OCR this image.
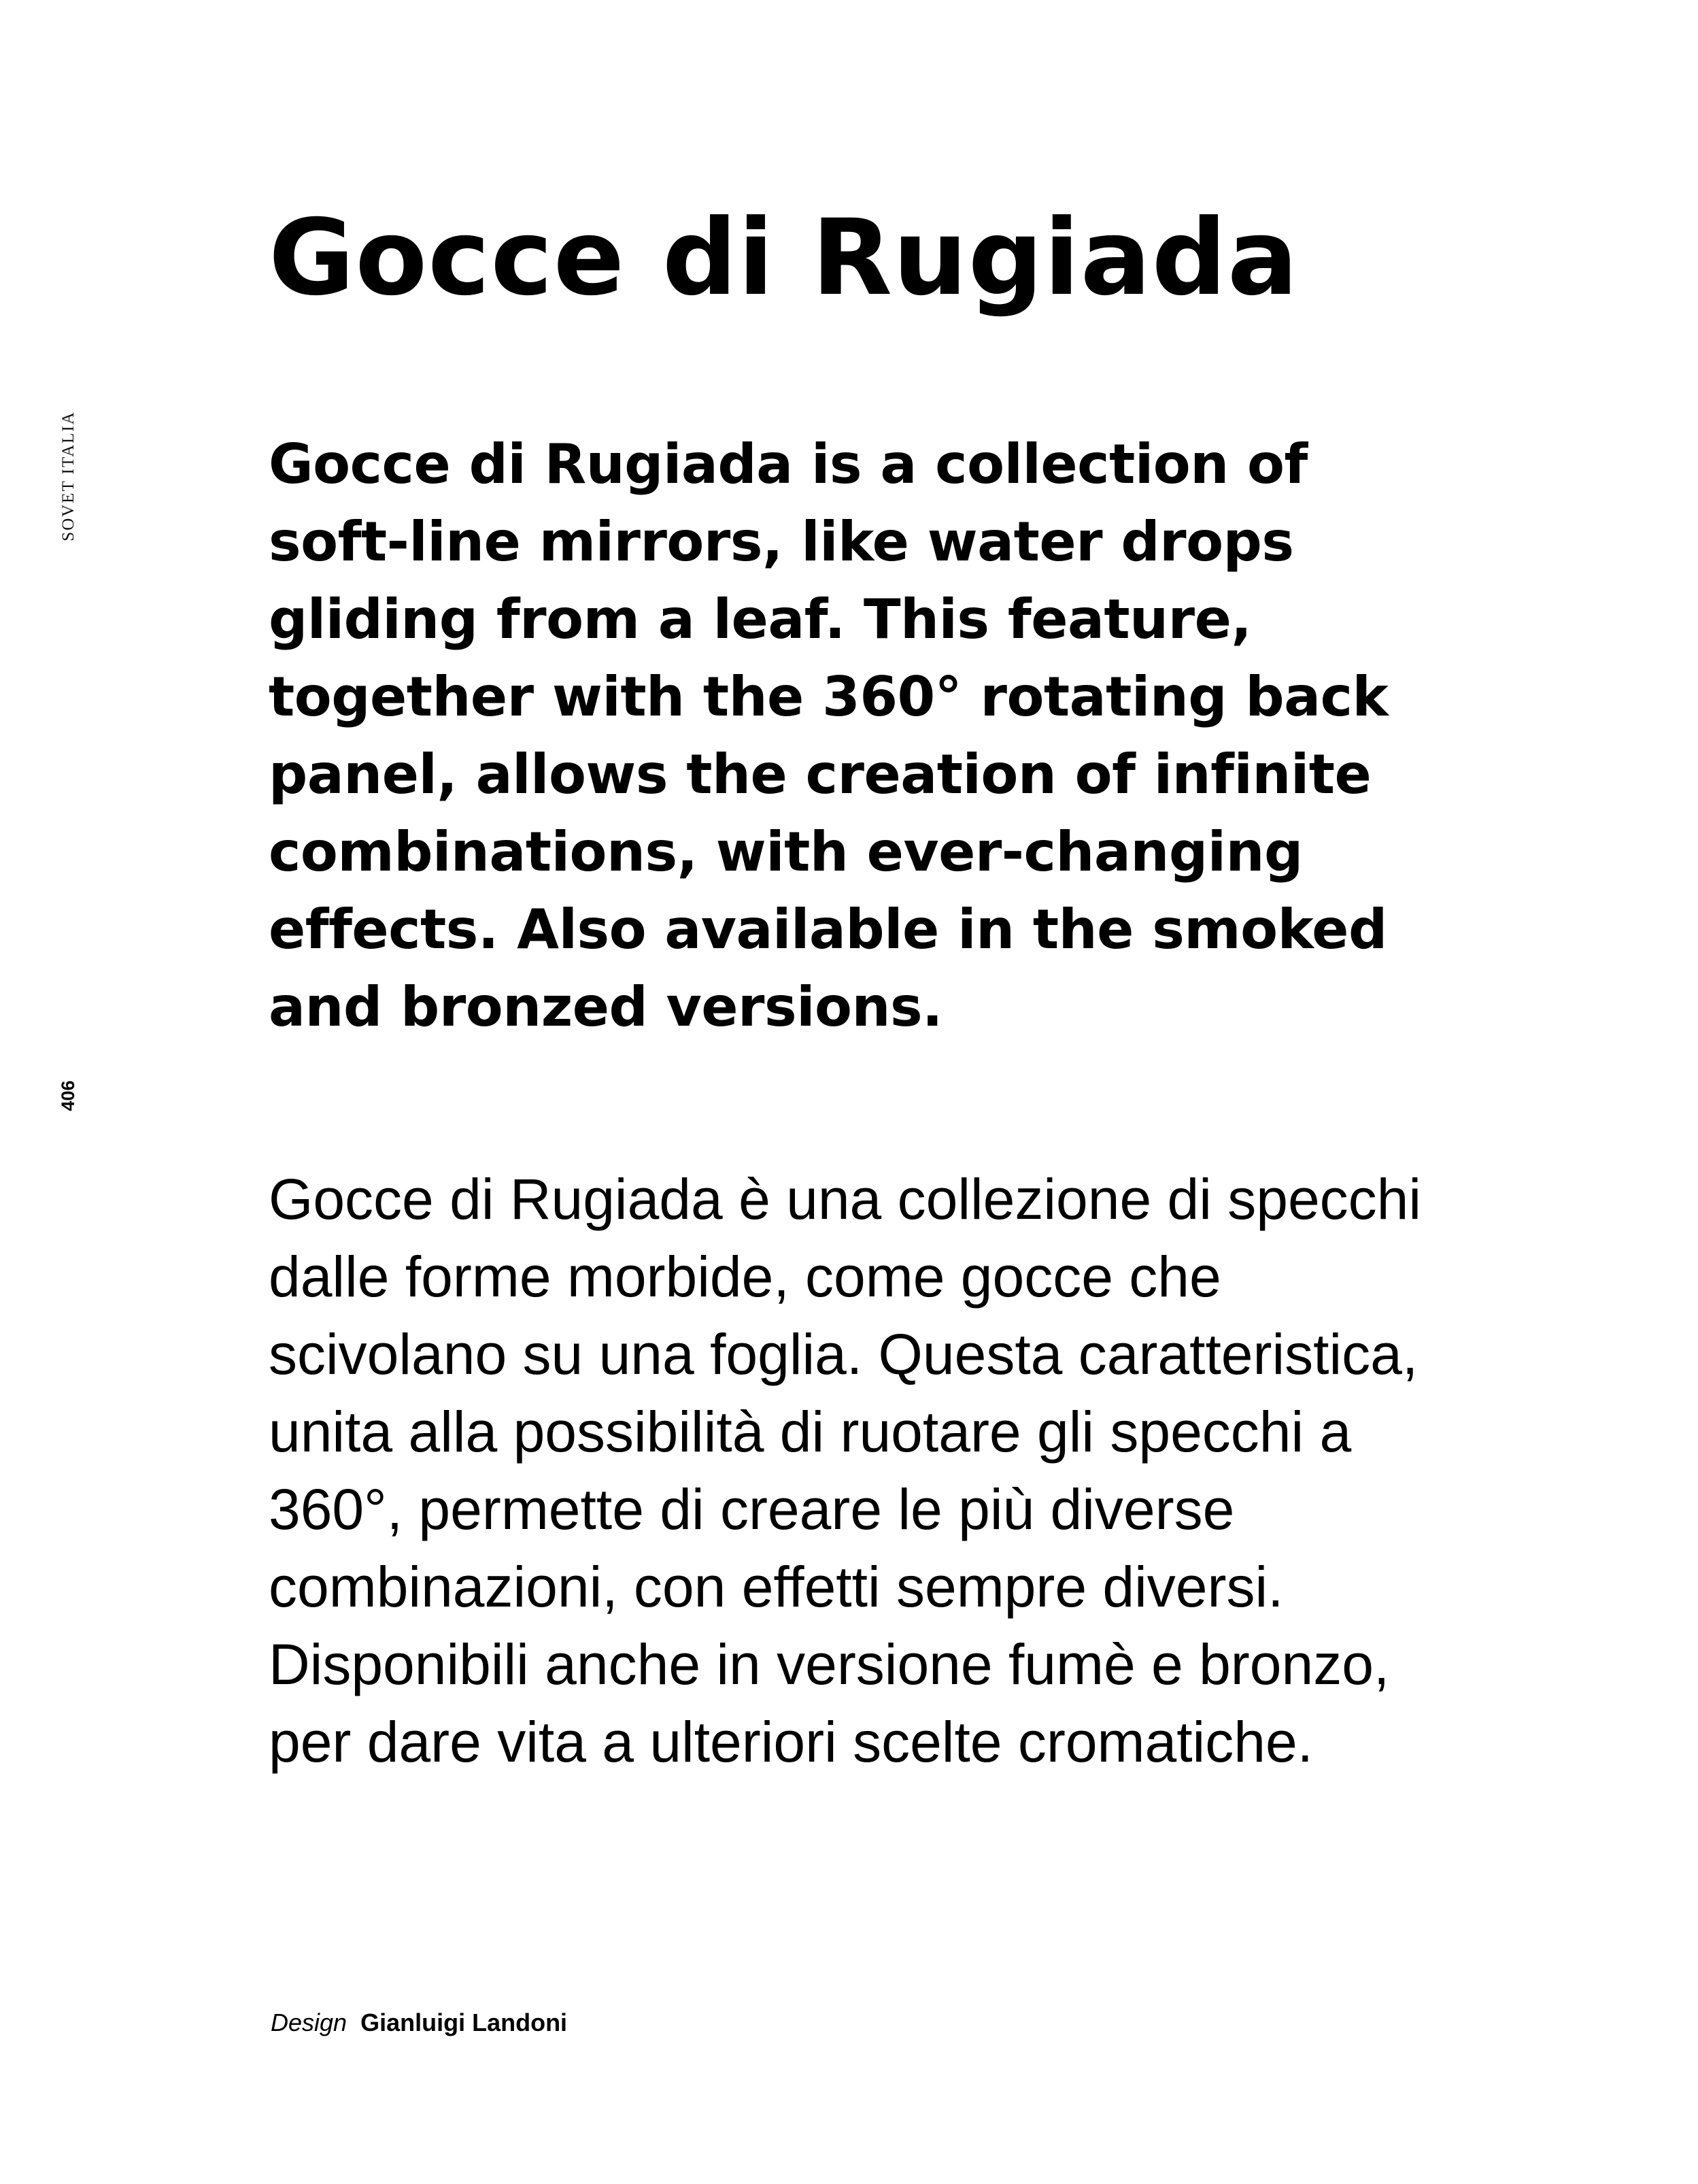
SOVET ITALIA
406
Gocce di Rugiada

Gocce di Rugiada is a collection of soft-line mirrors, like water drops gliding from a leaf. This feature, together with the 360° rotating back panel, allows the creation of infinite combinations, with ever-changing effects. Also available in the smoked and bronzed versions.

Gocce di Rugiada è una collezione di specchi dalle forme morbide, come gocce che scivolano su una foglia. Questa caratteristica, unita alla possibilità di ruotare gli specchi a 360°, permette di creare le più diverse combinazioni, con effetti sempre diversi. Disponibili anche in versione fumè e bronzo, per dare vita a ulteriori scelte cromatiche.

Design Gianluigi Landoni
